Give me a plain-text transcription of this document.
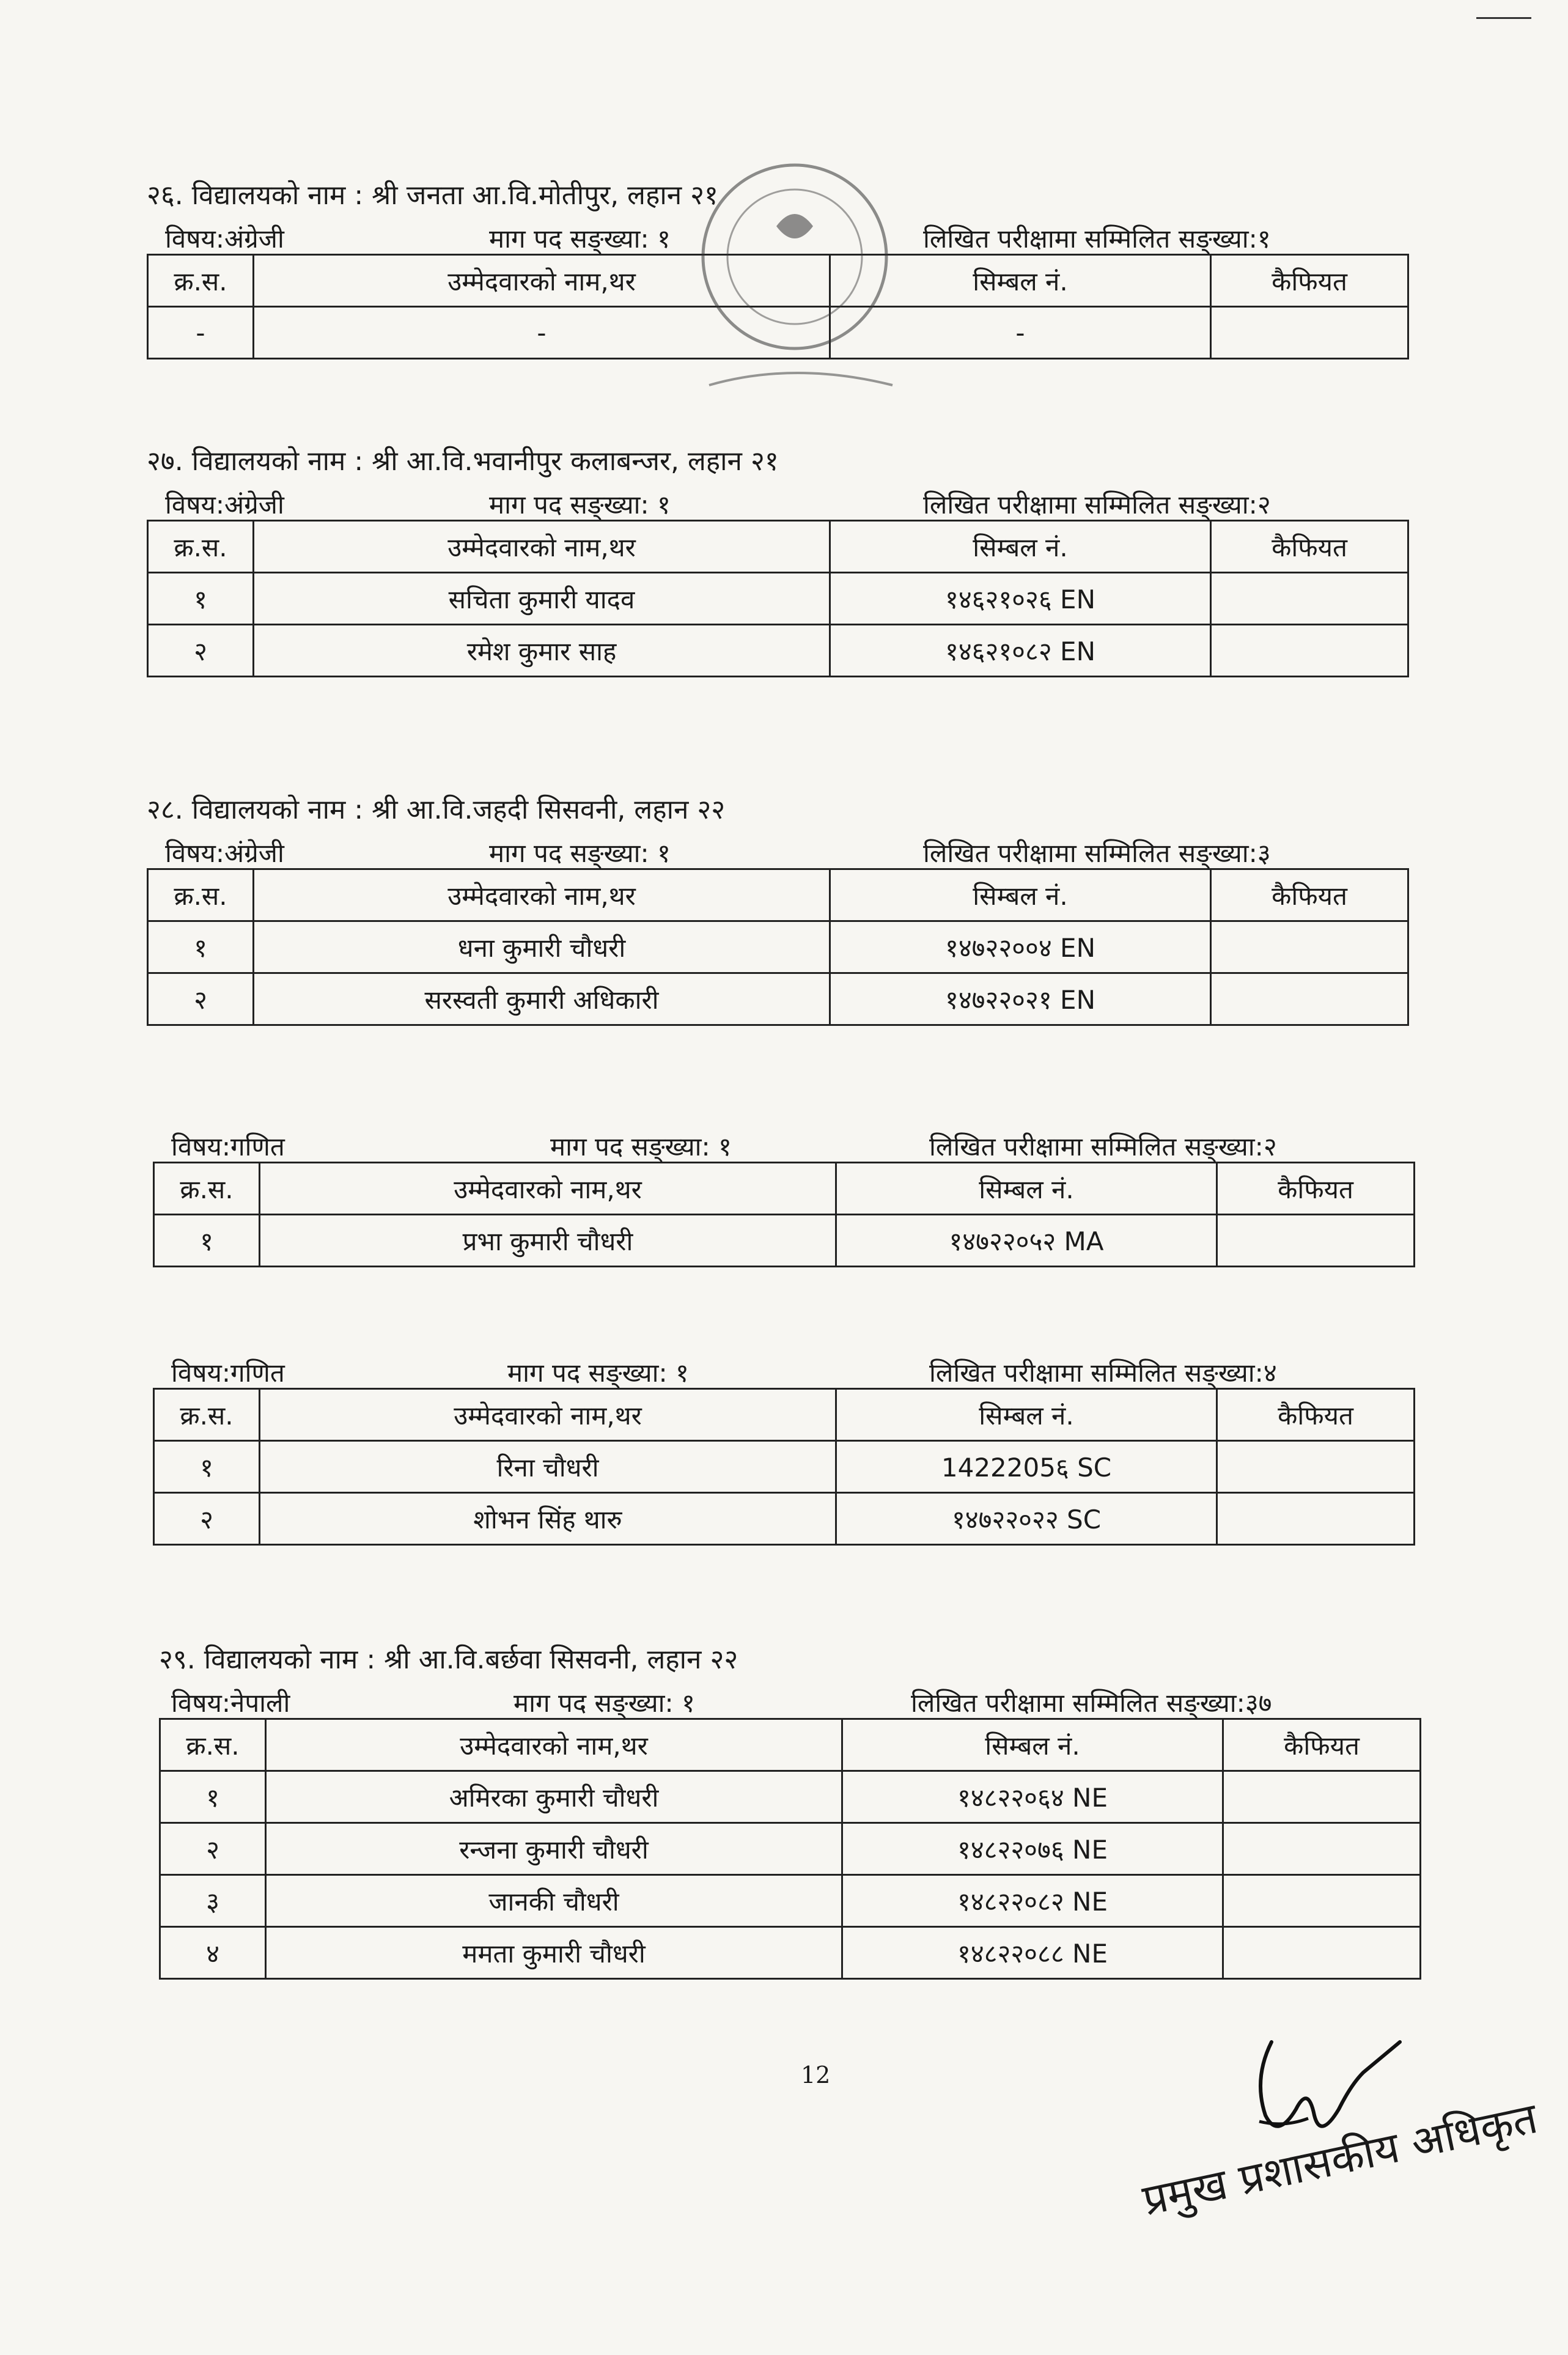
२६. विद्यालयको नाम : श्री जनता आ.वि.मोतीपुर, लहान २१
विषय:अंग्रेजी	माग पद सङ्ख्या: १	लिखित परीक्षामा सम्मिलित सङ्ख्या:१
क्र.स.	उम्मेदवारको नाम,थर	सिम्बल नं.	कैफियत
-	-	-	
२७. विद्यालयको नाम : श्री आ.वि.भवानीपुर कलाबन्जर, लहान २१
विषय:अंग्रेजी	माग पद सङ्ख्या: १	लिखित परीक्षामा सम्मिलित सङ्ख्या:२
क्र.स.	उम्मेदवारको नाम,थर	सिम्बल नं.	कैफियत
१	सचिता कुमारी यादव	१४६२१०२६ EN	
२	रमेश कुमार साह	१४६२१०८२ EN	
२८. विद्यालयको नाम : श्री आ.वि.जहदी सिसवनी, लहान २२
विषय:अंग्रेजी	माग पद सङ्ख्या: १	लिखित परीक्षामा सम्मिलित सङ्ख्या:३
क्र.स.	उम्मेदवारको नाम,थर	सिम्बल नं.	कैफियत
१	धना कुमारी चौधरी	१४७२२००४ EN	
२	सरस्वती कुमारी अधिकारी	१४७२२०२१ EN	
विषय:गणित	माग पद सङ्ख्या: १	लिखित परीक्षामा सम्मिलित सङ्ख्या:२
क्र.स.	उम्मेदवारको नाम,थर	सिम्बल नं.	कैफियत
१	प्रभा कुमारी चौधरी	१४७२२०५२ MA	
विषय:गणित	माग पद सङ्ख्या: १	लिखित परीक्षामा सम्मिलित सङ्ख्या:४
क्र.स.	उम्मेदवारको नाम,थर	सिम्बल नं.	कैफियत
१	रिना चौधरी	1422205६ SC	
२	शोभन सिंह थारु	१४७२२०२२ SC	
२९. विद्यालयको नाम : श्री आ.वि.बर्छवा सिसवनी, लहान २२
विषय:नेपाली	माग पद सङ्ख्या: १	लिखित परीक्षामा सम्मिलित सङ्ख्या:३७
क्र.स.	उम्मेदवारको नाम,थर	सिम्बल नं.	कैफियत
१	अमिरका कुमारी चौधरी	१४८२२०६४ NE	
२	रन्जना कुमारी चौधरी	१४८२२०७६ NE	
३	जानकी चौधरी	१४८२२०८२ NE	
४	ममता कुमारी चौधरी	१४८२२०८८ NE	
12
प्रमुख प्रशासकीय अधिकृत
